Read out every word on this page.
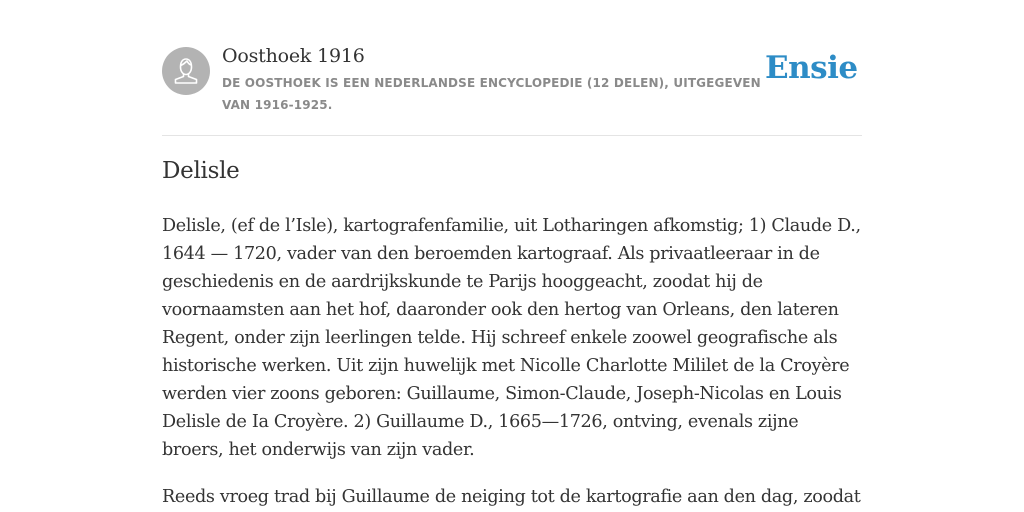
Oosthoek 1916

DE OOSTHOEK IS EEN NEDERLANDSE ENCYCLOPEDIE (12 DELEN), UITGEGEVEN VAN 1916-1925.

Ensie
Delisle

Delisle, (ef de l’Isle), kartografenfamilie, uit Lotharingen afkomstig; 1) Claude D., 1644 — 1720, vader van den beroemden kartograaf. Als privaatleeraar in de geschiedenis en de aardrijkskunde te Parijs hooggeacht, zoodat hij de voornaamsten aan het hof, daaronder ook den hertog van Orleans, den lateren Regent, onder zijn leerlingen telde. Hij schreef enkele zoowel geografische als historische werken. Uit zijn huwelijk met Nicolle Charlotte Mililet de la Croyère werden vier zoons geboren: Guillaume, Simon-Claude, Joseph-Nicolas en Louis Delisle de Ia Croyère. 2) Guillaume D., 1665—1726, ontving, evenals zijne broers, het onderwijs van zijn vader.

Reeds vroeg trad bij Guillaume de neiging tot de kartografie aan den dag, zoodat
